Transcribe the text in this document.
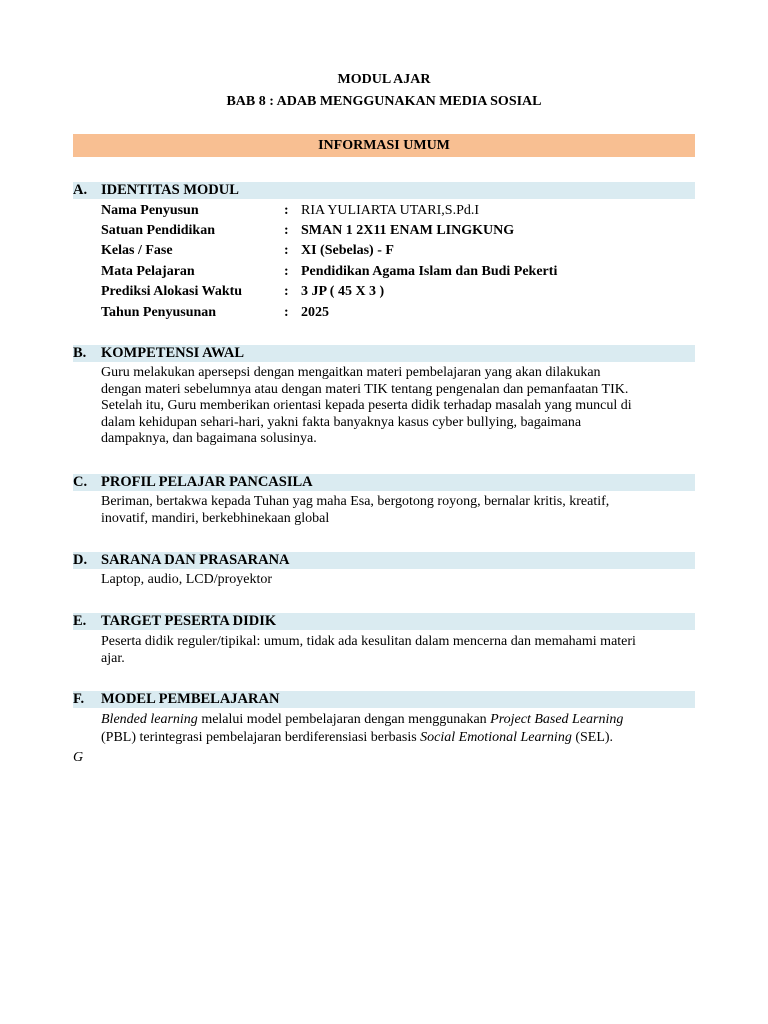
MODUL AJAR
BAB 8 : ADAB MENGGUNAKAN MEDIA SOSIAL
INFORMASI UMUM
A. IDENTITAS MODUL
Nama Penyusun	: RIA YULIARTA UTARI,S.Pd.I
Satuan Pendidikan	: SMAN 1 2X11 ENAM LINGKUNG
Kelas / Fase	: XI (Sebelas) - F
Mata Pelajaran	: Pendidikan Agama Islam dan Budi Pekerti
Prediksi Alokasi Waktu	: 3 JP ( 45 X 3 )
Tahun Penyusunan	: 2025
B. KOMPETENSI AWAL
Guru melakukan apersepsi dengan mengaitkan materi pembelajaran yang akan dilakukan
dengan materi sebelumnya atau dengan materi TIK tentang pengenalan dan pemanfaatan TIK.
Setelah itu, Guru memberikan orientasi kepada peserta didik terhadap masalah yang muncul di
dalam kehidupan sehari-hari, yakni fakta banyaknya kasus cyber bullying, bagaimana
dampaknya, dan bagaimana solusinya.
C. PROFIL PELAJAR PANCASILA
Beriman, bertakwa kepada Tuhan yag maha Esa, bergotong royong, bernalar kritis, kreatif,
inovatif, mandiri, berkebhinekaan global
D. SARANA DAN PRASARANA
Laptop, audio, LCD/proyektor
E. TARGET PESERTA DIDIK
Peserta didik reguler/tipikal: umum, tidak ada kesulitan dalam mencerna dan memahami materi
ajar.
F. MODEL PEMBELAJARAN
Blended learning melalui model pembelajaran dengan menggunakan Project Based Learning
(PBL) terintegrasi pembelajaran berdiferensiasi berbasis Social Emotional Learning (SEL).
G
